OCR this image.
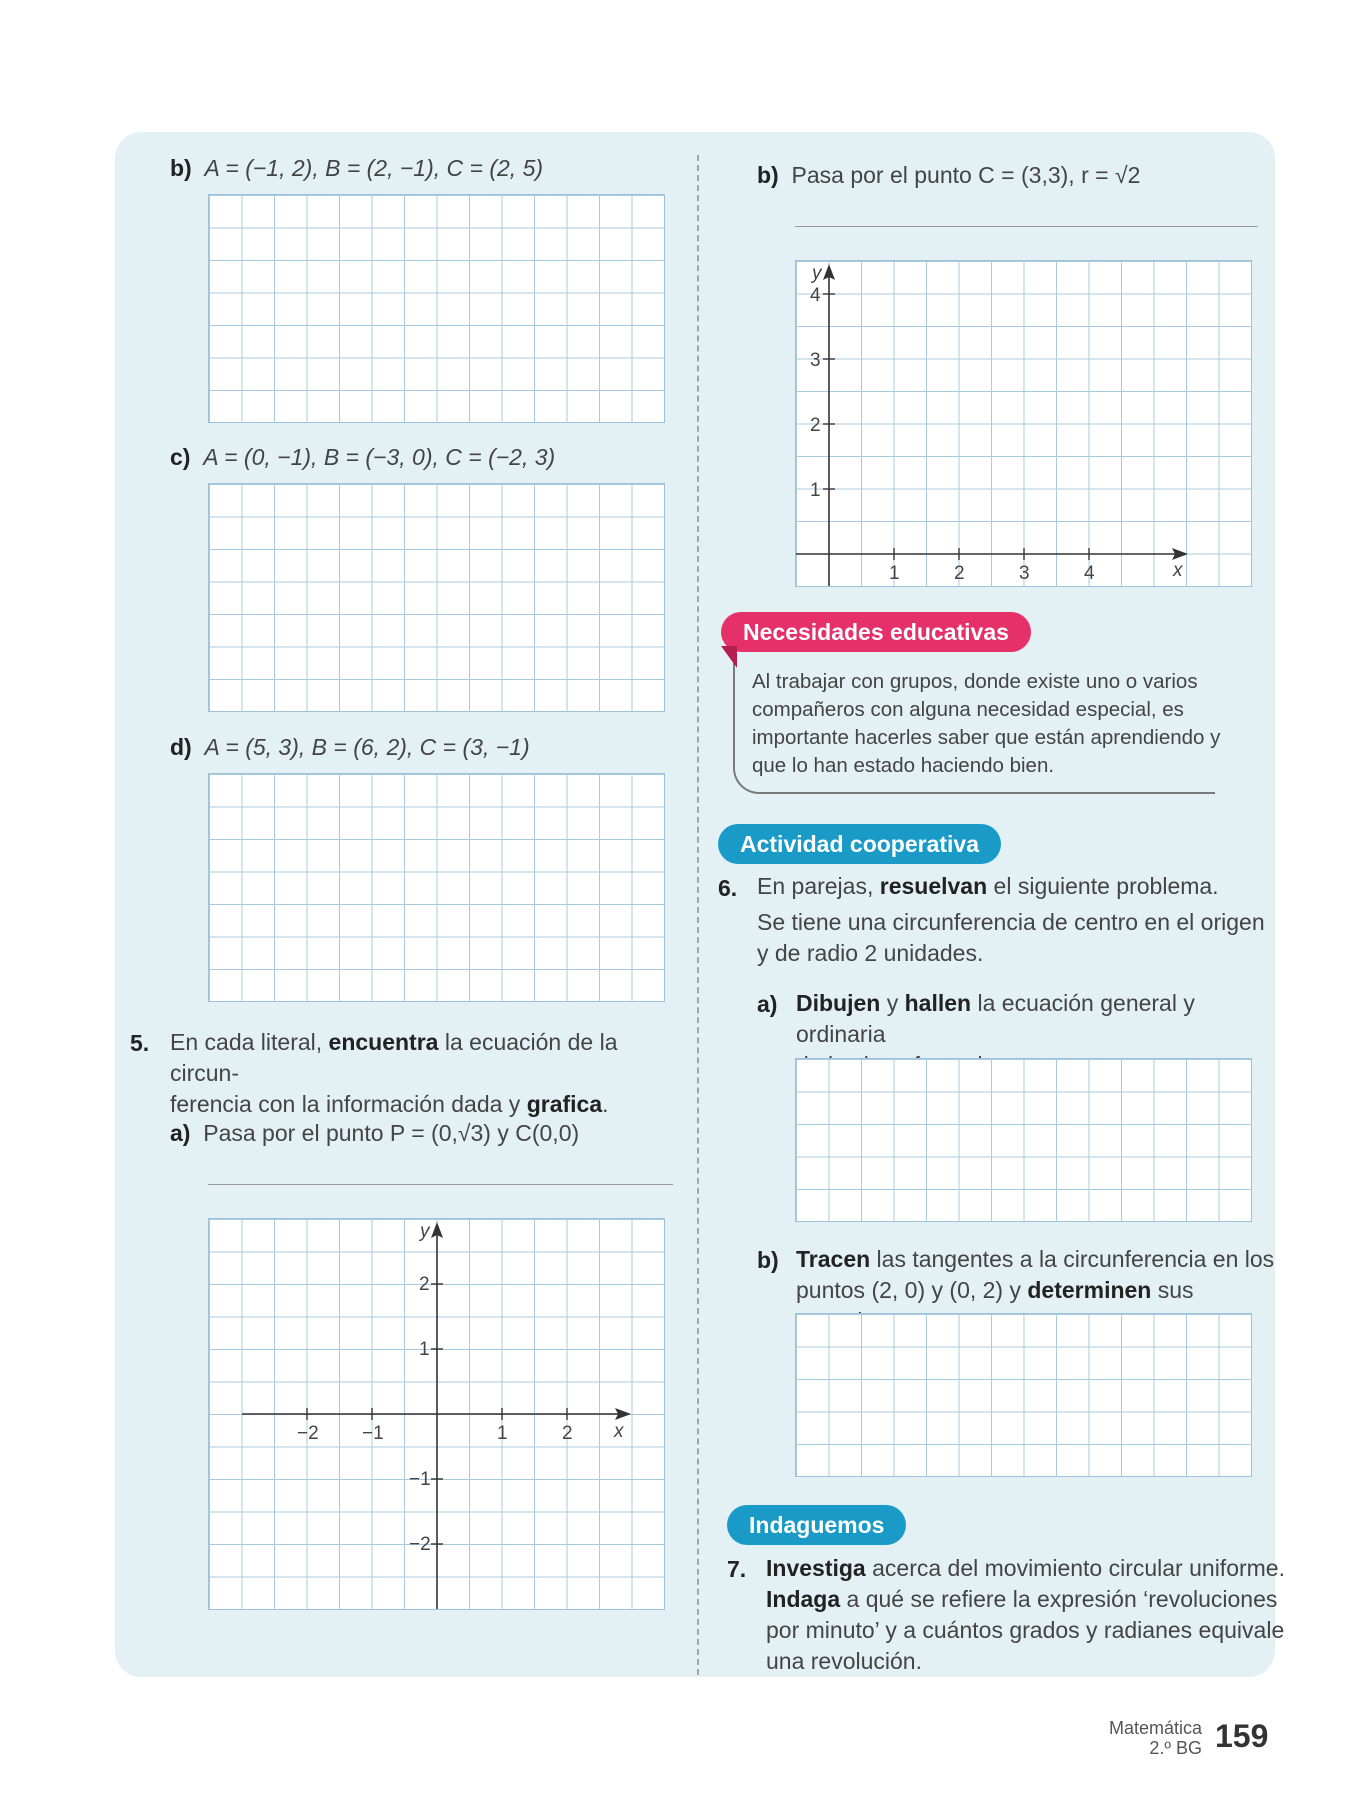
b) A = (−1, 2), B = (2, −1), C = (2, 5)
c) A = (0, −1), B = (−3, 0), C = (−2, 3)
d) A = (5, 3), B = (6, 2), C = (3, −1)
5. En cada literal, encuentra la ecuación de la circun-
ferencia con la información dada y grafica.
a) Pasa por el punto P = (0,√3) y C(0,0)
x
y
−2 −1	1	2
2
1
−1
−2
b) Pasa por el punto C = (3,3), r = √2
x
y
1	2	3	4
4
3
2
1
Necesidades educativas
Al trabajar con grupos, donde existe uno o varios
compañeros con alguna necesidad especial, es
importante hacerles saber que están aprendiendo y
que lo han estado haciendo bien.
Actividad cooperativa
6. En parejas, resuelvan el siguiente problema.
Se tiene una circunferencia de centro en el origen
y de radio 2 unidades.
a) Dibujen y hallen la ecuación general y ordinaria

b) Tracen las tangentes a la circunferencia en los
puntos (2, 0) y (0, 2) y determinen sus
Indaguemos
7. Investiga acerca del movimiento circular uniforme.
Indaga a qué se refiere la expresión ‘revoluciones
por minuto’ y a cuántos grados y radianes equivale
una revolución.
Matemática
2.º BG 159
